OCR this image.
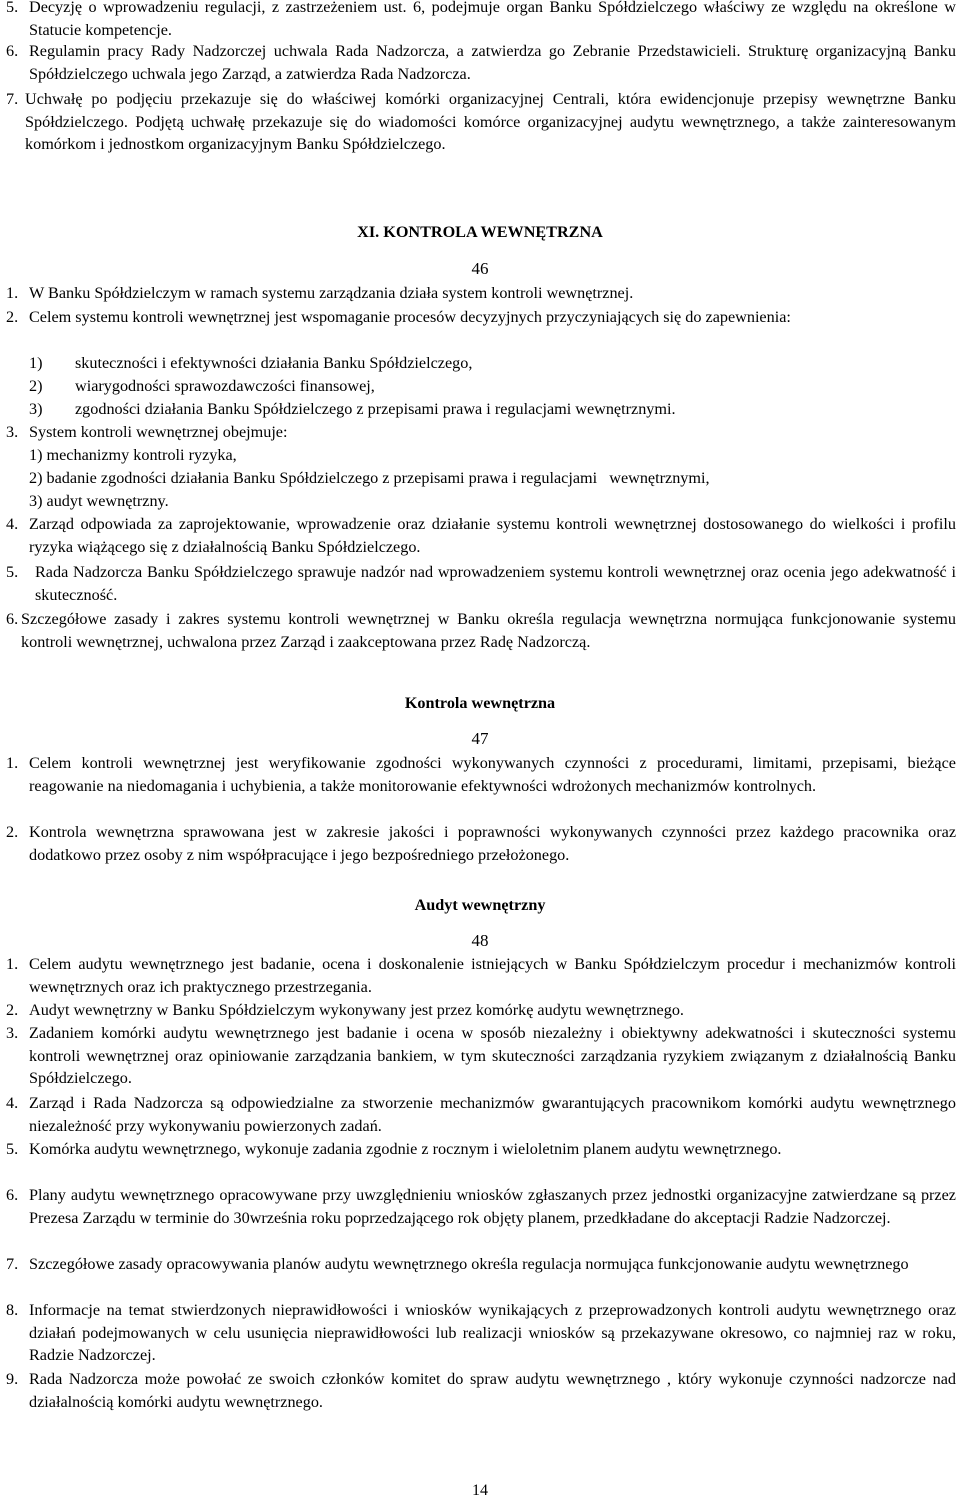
5. Decyzję o wprowadzeniu regulacji, z zastrzeżeniem ust. 6, podejmuje organ Banku Spółdzielczego właściwy ze względu na określone w Statucie kompetencje.
6. Regulamin pracy Rady Nadzorczej uchwala Rada Nadzorcza, a zatwierdza go Zebranie Przedstawicieli. Strukturę organizacyjną Banku Spółdzielczego uchwala jego Zarząd, a zatwierdza Rada Nadzorcza.
7. Uchwałę po podjęciu przekazuje się do właściwej komórki organizacyjnej Centrali, która ewidencjonuje przepisy wewnętrzne Banku Spółdzielczego. Podjętą uchwałę przekazuje się do wiadomości komórce organizacyjnej audytu wewnętrznego, a także zainteresowanym komórkom i jednostkom organizacyjnym Banku Spółdzielczego.
XI. KONTROLA WEWNĘTRZNA
46
1. W Banku Spółdzielczym w ramach systemu zarządzania działa system kontroli wewnętrznej.
2. Celem systemu kontroli wewnętrznej jest wspomaganie procesów decyzyjnych przyczyniających się do zapewnienia:
1) skuteczności i efektywności działania Banku Spółdzielczego,
2) wiarygodności sprawozdawczości finansowej,
3) zgodności działania Banku Spółdzielczego z przepisami prawa i regulacjami wewnętrznymi.
3. System kontroli wewnętrznej obejmuje:
1) mechanizmy kontroli ryzyka,
2) badanie zgodności działania Banku Spółdzielczego z przepisami prawa i regulacjami   wewnętrznymi,
3) audyt wewnętrzny.
4. Zarząd odpowiada za zaprojektowanie, wprowadzenie oraz działanie systemu kontroli wewnętrznej dostosowanego do wielkości i profilu ryzyka wiążącego się z działalnością Banku Spółdzielczego.
5.	Rada Nadzorcza Banku Spółdzielczego sprawuje nadzór nad wprowadzeniem systemu kontroli wewnętrznej oraz ocenia jego adekwatność i skuteczność.
6. Szczegółowe zasady i zakres systemu kontroli wewnętrznej w Banku określa regulacja wewnętrzna normująca funkcjonowanie systemu kontroli wewnętrznej, uchwalona przez Zarząd i zaakceptowana przez Radę Nadzorczą.
Kontrola wewnętrzna
47
1. Celem kontroli wewnętrznej jest weryfikowanie zgodności wykonywanych czynności z procedurami, limitami, przepisami, bieżące reagowanie na niedomagania i uchybienia, a także monitorowanie efektywności wdrożonych mechanizmów kontrolnych.
2. Kontrola wewnętrzna sprawowana jest w zakresie jakości i poprawności wykonywanych czynności przez każdego pracownika oraz dodatkowo przez osoby z nim współpracujące i jego bezpośredniego przełożonego.
Audyt wewnętrzny
48
1. Celem audytu wewnętrznego jest badanie, ocena i doskonalenie istniejących w Banku Spółdzielczym procedur i mechanizmów kontroli wewnętrznych oraz ich praktycznego przestrzegania.
2. Audyt wewnętrzny w Banku Spółdzielczym wykonywany jest przez komórkę audytu wewnętrznego.
3. Zadaniem komórki audytu wewnętrznego jest badanie i ocena w sposób niezależny i obiektywny adekwatności i skuteczności systemu kontroli wewnętrznej oraz opiniowanie zarządzania bankiem, w tym skuteczności zarządzania ryzykiem związanym z działalnością Banku Spółdzielczego.
4. Zarząd i Rada Nadzorcza są odpowiedzialne za stworzenie mechanizmów gwarantujących pracownikom komórki audytu wewnętrznego niezależność przy wykonywaniu powierzonych zadań.
5. Komórka audytu wewnętrznego, wykonuje zadania zgodnie z rocznym i wieloletnim planem audytu wewnętrznego.
6. Plany audytu wewnętrznego opracowywane przy uwzględnieniu wniosków zgłaszanych przez jednostki organizacyjne zatwierdzane są przez Prezesa Zarządu w terminie do 30września roku poprzedzającego rok objęty planem, przedkładane do akceptacji Radzie Nadzorczej.
7. Szczegółowe zasady opracowywania planów audytu wewnętrznego określa regulacja normująca funkcjonowanie audytu wewnętrznego
8. Informacje na temat stwierdzonych nieprawidłowości i wniosków wynikających z przeprowadzonych kontroli audytu wewnętrznego oraz działań podejmowanych w celu usunięcia nieprawidłowości lub realizacji wniosków są przekazywane okresowo, co najmniej raz w roku, Radzie Nadzorczej.
9. Rada Nadzorcza może powołać ze swoich członków komitet do spraw audytu wewnętrznego , który wykonuje czynności nadzorcze nad działalnością komórki audytu wewnętrznego.
14
